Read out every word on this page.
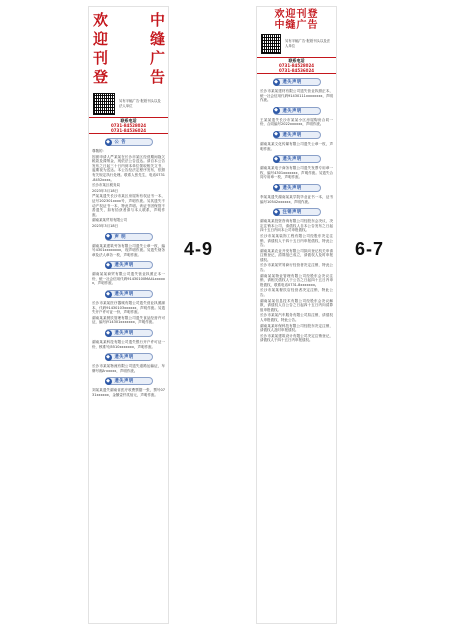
欢	中
迎	缝
刊	广
登	告
另有半幅广告·报纸刊头以及法人单位
联系电话
0731-84528024
0731-84536024
◆	公 告

尊敬的：

因被申请人严某某在长沙市某区经营期间拖欠税款及滞纳金，现依法公告送达。请自本公告发布之日起三十日内到本单位领取相关文书，逾期视为送达。本公告经法定程序发布，依照有关规定执行处理。联系人张先生，电话0731-8452xxxx。

长沙市某区税务局

2023年3月18日

严某某遗失长沙市某区房屋所有权证书一本，证号202301xxxx号，声明作废。另其遗失不动产权证书一本，特此声明。该证书因保管不善遗失，如有拾获者请与本人联系，声明作废。

湖南某某贸易有限公司

2023年3月18日

◆	声 明

湖南某某建筑劳务有限公司遗失公章一枚，编号4301xxxxxxxx，现声明作废。另遗失财务章及法人章各一枚，声明作废。

◆	遗失声明

湖南某某商贸有限公司遗失营业执照正本一份，统一社会信用代码91430100MA4Lxxxxxx，声明作废。

◆	遗失声明

长沙市某某医疗器械有限公司遗失营业执照副本，代码91430103xxxxxx，声明作废。另遗失开户许可证一份，声明作废。

湖南某某餐饮管理有限公司遗失食品经营许可证，编号JY14301xxxxxxx，声明作废。

◆	遗失声明

湖南某某科技有限公司遗失银行开户许可证一份，核准号J5510xxxxxxx，声明作废。

◆	遗失声明

长沙市某某物流有限公司遗失道路运输证，车牌号湘A·xxxxx，声明作废。

◆	遗失声明

刘某某遗失湖南省医疗收费票据一张，票号0731xxxxxx，金额壹仟贰佰元，声明作废。

4-9
欢迎刊登
中缝广告
另有半幅广告·报纸刊头以及法人单位
联系电话
0731-84528024
0731-84536024
◆	遗失声明

长沙市某某建材有限公司遗失营业执照正本，统一社会信用代码91430111xxxxxxxx，声明作废。

◆	遗失声明

王某某遗失长沙市某某小区房屋购房合同一份，合同编号2022xxxxxx，声明作废。

◆	遗失声明

湖南某某文化传媒有限公司遗失公章一枚，声明作废。

◆	遗失声明

湖南某某电子商务有限公司遗失发票专用章一枚，编号4301xxxxxxx，声明作废。另遗失合同专用章一枚，声明作废。

◆	遗失声明

李某某遗失湖南某某学院毕业证书一本，证书编号10542xxxxxx，声明作废。

◆	注销声明

湖南某某投资咨询有限公司经股东会决议，决定注销本公司，请债权人自本公告发布之日起四十五日内向本公司申报债权。

长沙市某某装饰工程有限公司经股东决定注销，请债权人于四十五日内申报债权，特此公告。

湖南某某农业开发有限公司拟向登记机关申请注销登记，清算组已成立，请债权人及时申报债权。

长沙市某某贸易商行经营者决定注销，特此公告。

湖南某某物业管理有限公司经股东会决议注销，请相关债权人于公告之日起四十五日内申报债权，联系电话0731-8xxxxxxx。

长沙市某某餐饮店经营者决定注销，特此公告。

湖南某某信息技术有限公司经股东会决议解散，请债权人自公告之日起四十五日内向清算组申报债权。

长沙市某某汽车服务有限公司拟注销，请债权人申报债权，特此公告。

湖南某某环保科技有限公司经股东决定注销，请债权人及时申报债权。

长沙市某某建筑设计有限公司决定注销登记，请债权人于四十五日内申报债权。

6-7
